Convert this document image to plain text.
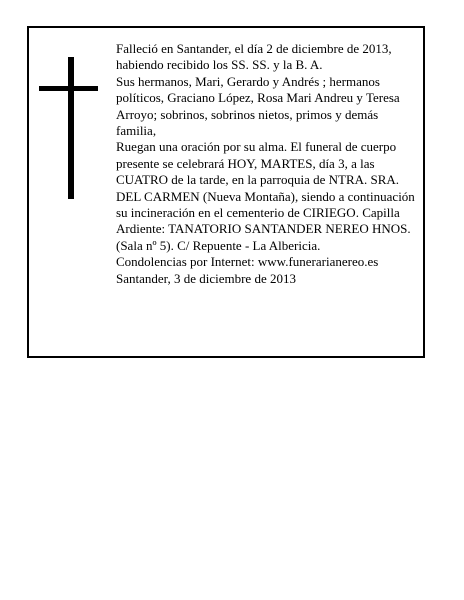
Falleció en Santander, el día 2 de diciembre de 2013, habiendo recibido los SS. SS. y la B. A.

Sus hermanos, Mari, Gerardo y Andrés ; hermanos políticos, Graciano López, Rosa Mari Andreu y Teresa Arroyo; sobrinos, sobrinos nietos, primos y demás familia,

Ruegan una oración por su alma. El funeral de cuerpo presente se celebrará HOY, MARTES, día 3, a las CUATRO de la tarde, en la parroquia de NTRA. SRA. DEL CARMEN (Nueva Montaña), siendo a continuación su incineración en el cementerio de CIRIEGO. Capilla Ardiente: TANATORIO SANTANDER NEREO HNOS. (Sala nº 5). C/ Repuente - La Albericia.

Condolencias por Internet: www.funerarianereo.es

Santander, 3 de diciembre de 2013
